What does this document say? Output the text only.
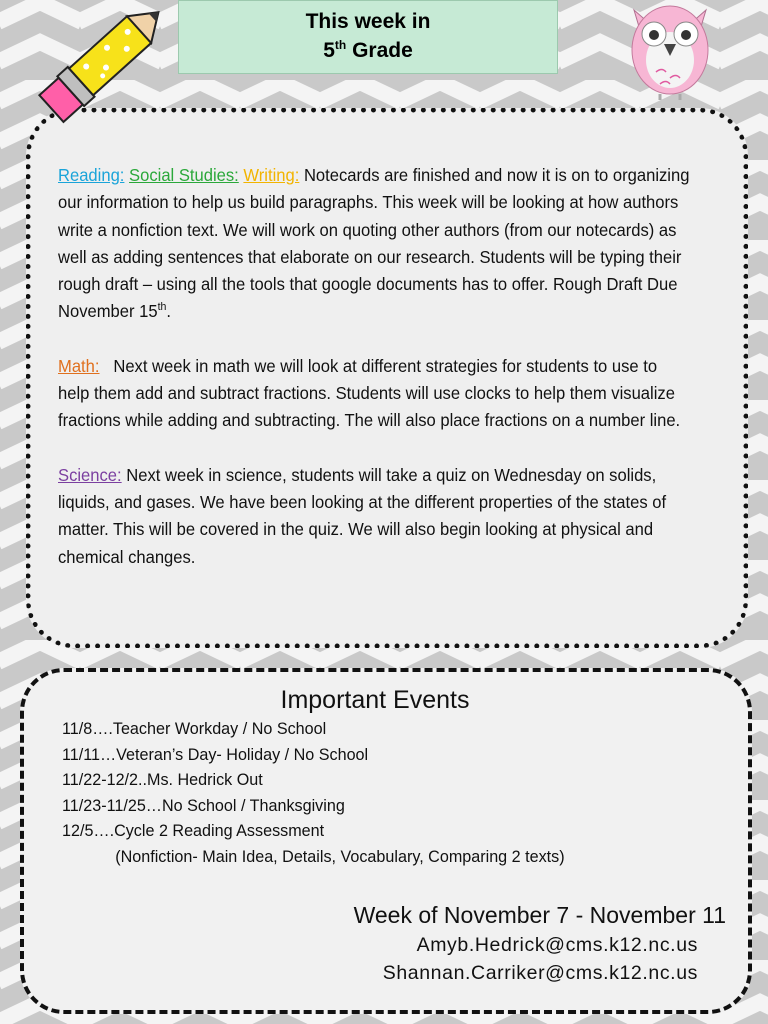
This week in
5th Grade

Reading: Social Studies: Writing: Notecards are finished and now it is on to organizing our information to help us build paragraphs. This week will be looking at how authors write a nonfiction text. We will work on quoting other authors (from our notecards) as well as adding sentences that elaborate on our research. Students will be typing their rough draft – using all the tools that google documents has to offer. Rough Draft Due November 15th.

Math: Next week in math we will look at different strategies for students to use to help them add and subtract fractions. Students will use clocks to help them visualize fractions while adding and subtracting. The will also place fractions on a number line.

Science: Next week in science, students will take a quiz on Wednesday on solids, liquids, and gases. We have been looking at the different properties of the states of matter. This will be covered in the quiz. We will also begin looking at physical and chemical changes.

Important Events
11/8….Teacher Workday / No School
11/11…Veteran’s Day- Holiday / No School
11/22-12/2..Ms. Hedrick Out
11/23-11/25…No School / Thanksgiving
12/5….Cycle 2 Reading Assessment
(Nonfiction- Main Idea, Details, Vocabulary, Comparing 2 texts)
Week of November 7 - November 11
Amyb.Hedrick@cms.k12.nc.us
Shannan.Carriker@cms.k12.nc.us
